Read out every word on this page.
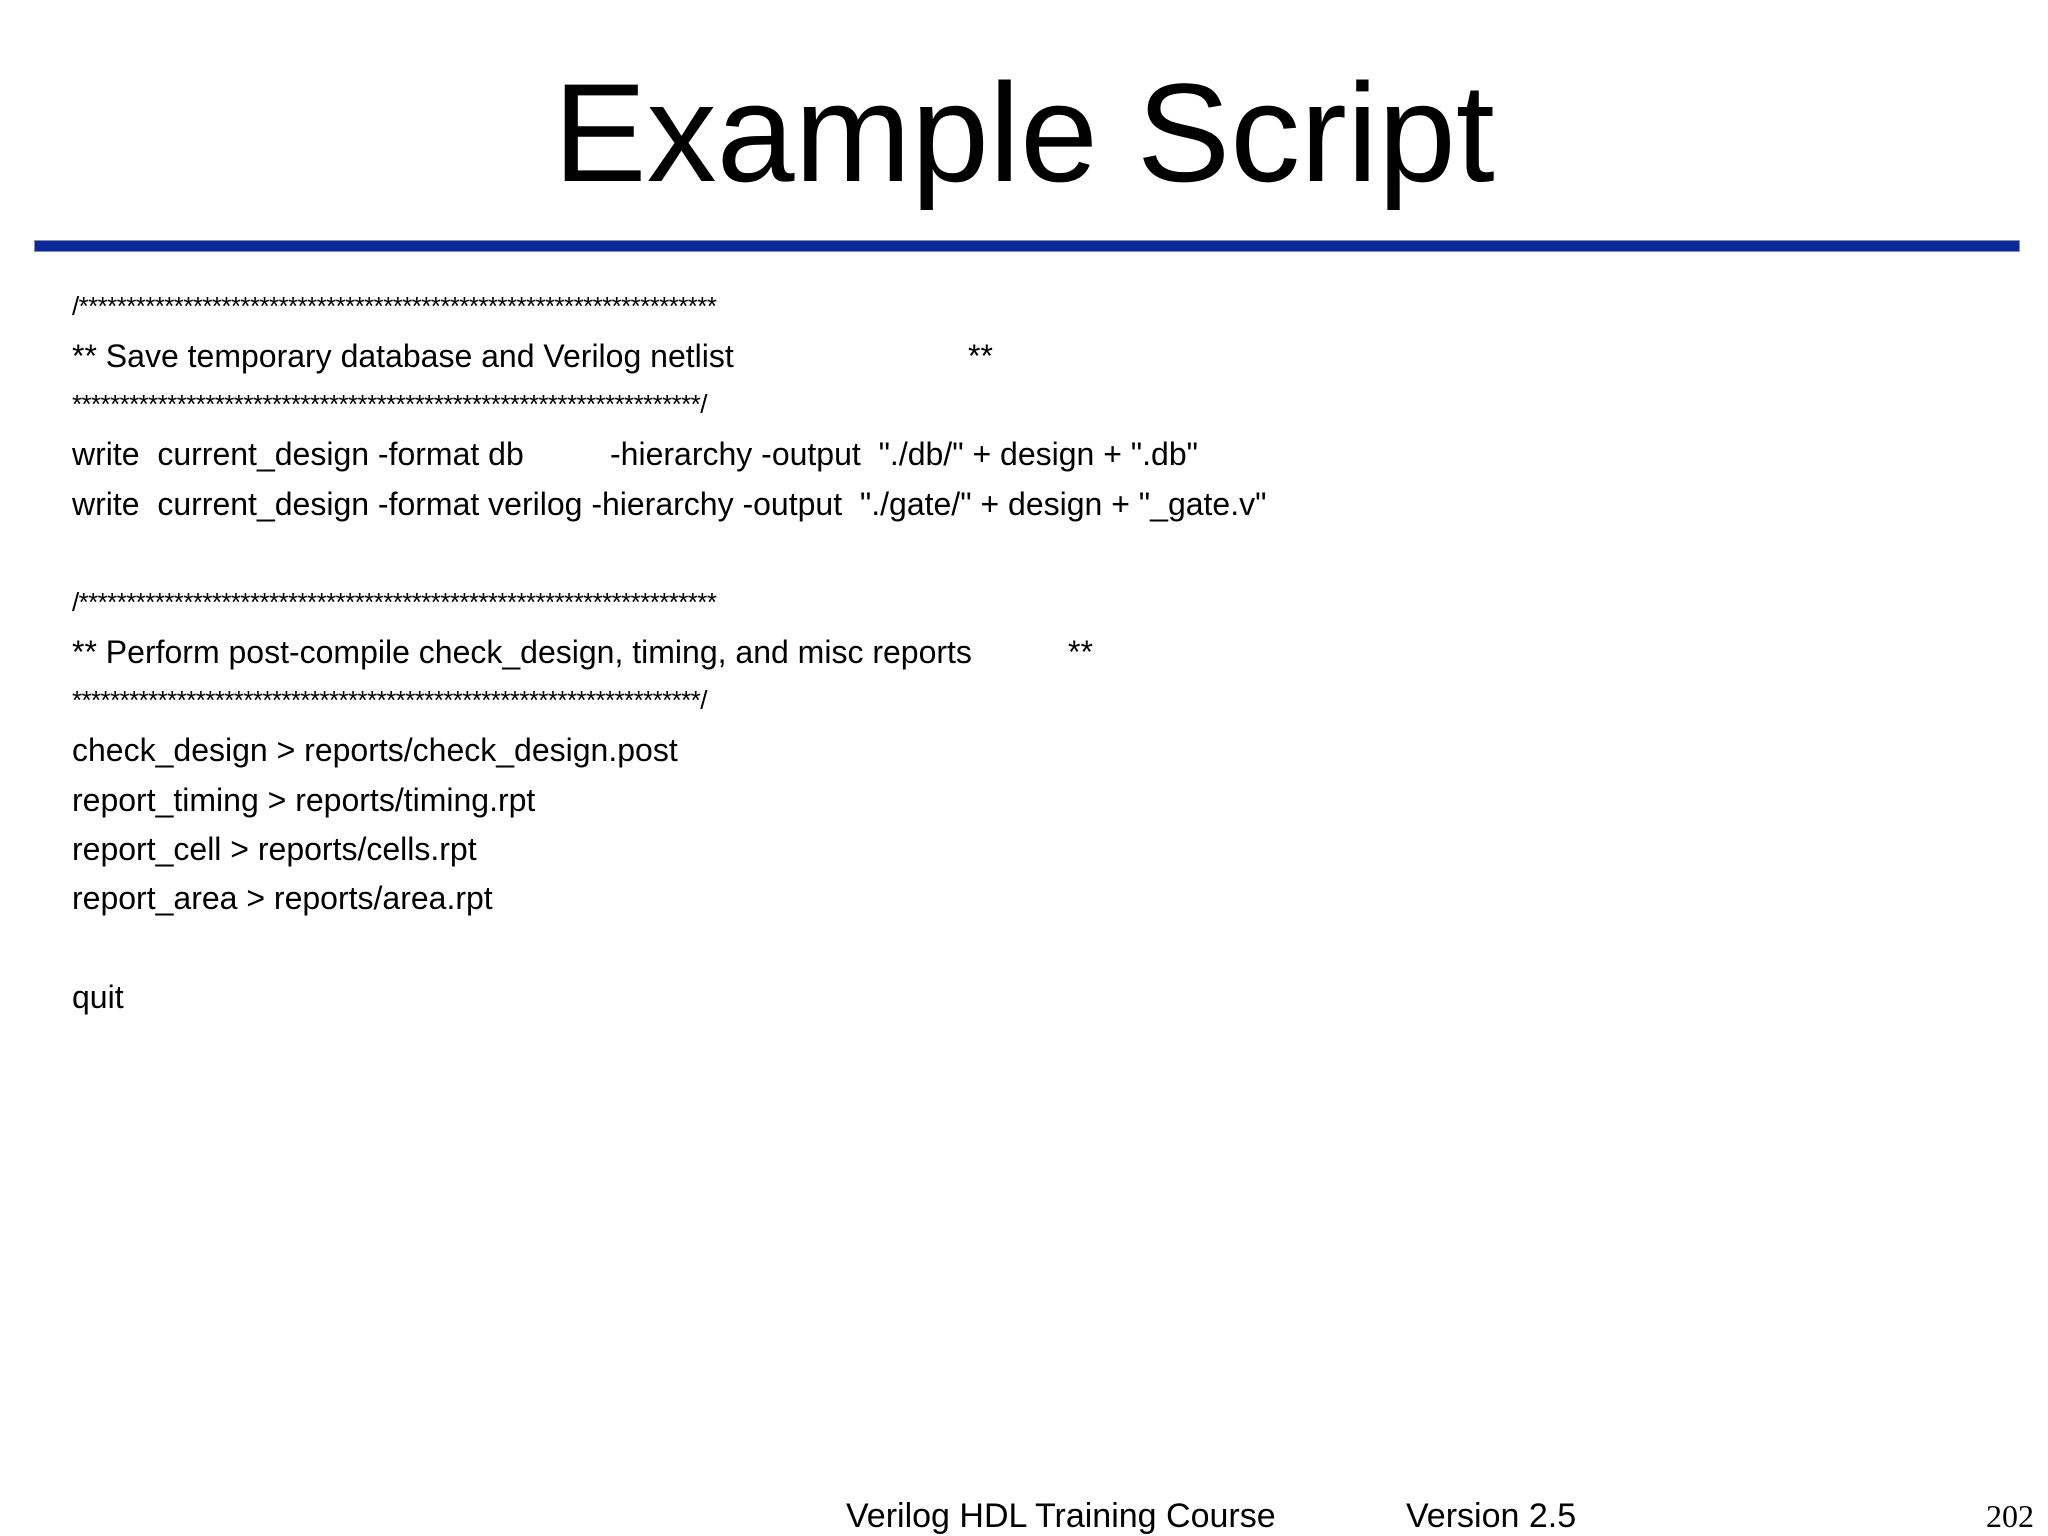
Example Script
/*******************************************************************
** Save temporary database and Verilog netlist	**
******************************************************************/
write  current_design -format db	-hierarchy -output  "./db/" + design + ".db"
write  current_design -format verilog -hierarchy -output  "./gate/" + design + "_gate.v"
/*******************************************************************
** Perform post-compile check_design, timing, and misc reports	**
******************************************************************/
check_design > reports/check_design.post
report_timing > reports/timing.rpt
report_cell > reports/cells.rpt
report_area > reports/area.rpt
quit
Verilog HDL Training Course	Version 2.5	202
